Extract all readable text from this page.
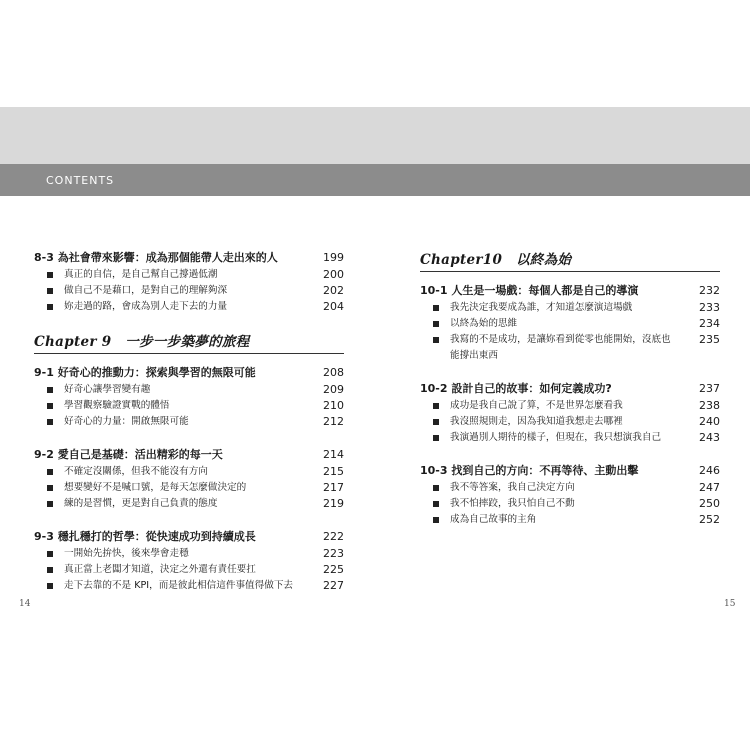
CONTENTS
8-3 為社會帶來影響：成為那個能帶人走出來的人	199
真正的自信，是自己幫自己撐過低潮	200
做自己不是藉口，是對自己的理解夠深	202
妳走過的路，會成為別人走下去的力量	204
Chapter 9　一步一步築夢的旅程
9-1 好奇心的推動力：探索與學習的無限可能	208
好奇心讓學習變有趣	209
學習觀察驗證實戰的體悟	210
好奇心的力量：開啟無限可能	212
9-2 愛自己是基礎：活出精彩的每一天	214
不確定沒關係，但我不能沒有方向	215
想要變好不是喊口號，是每天怎麼做決定的	217
練的是習慣，更是對自己負責的態度	219
9-3 穩扎穩打的哲學：從快速成功到持續成長	222
一開始先拚快，後來學會走穩	223
真正當上老闆才知道，決定之外還有責任要扛	225
走下去靠的不是 KPI，而是彼此相信這件事值得做下去	227
Chapter10　以終為始
10-1 人生是一場戲：每個人都是自己的導演	232
我先決定我要成為誰，才知道怎麼演這場戲	233
以終為始的思維	234
我寫的不是成功，是讓妳看到從零也能開始，沒底也能撐出東西
235
10-2 設計自己的故事：如何定義成功?	237
成功是我自己說了算，不是世界怎麼看我	238
我沒照規則走，因為我知道我想走去哪裡	240
我演過別人期待的樣子，但現在，我只想演我自己	243
10-3 找到自己的方向：不再等待、主動出擊	246
我不等答案，我自己決定方向	247
我不怕摔跤，我只怕自己不動	250
成為自己故事的主角	252
14	15
